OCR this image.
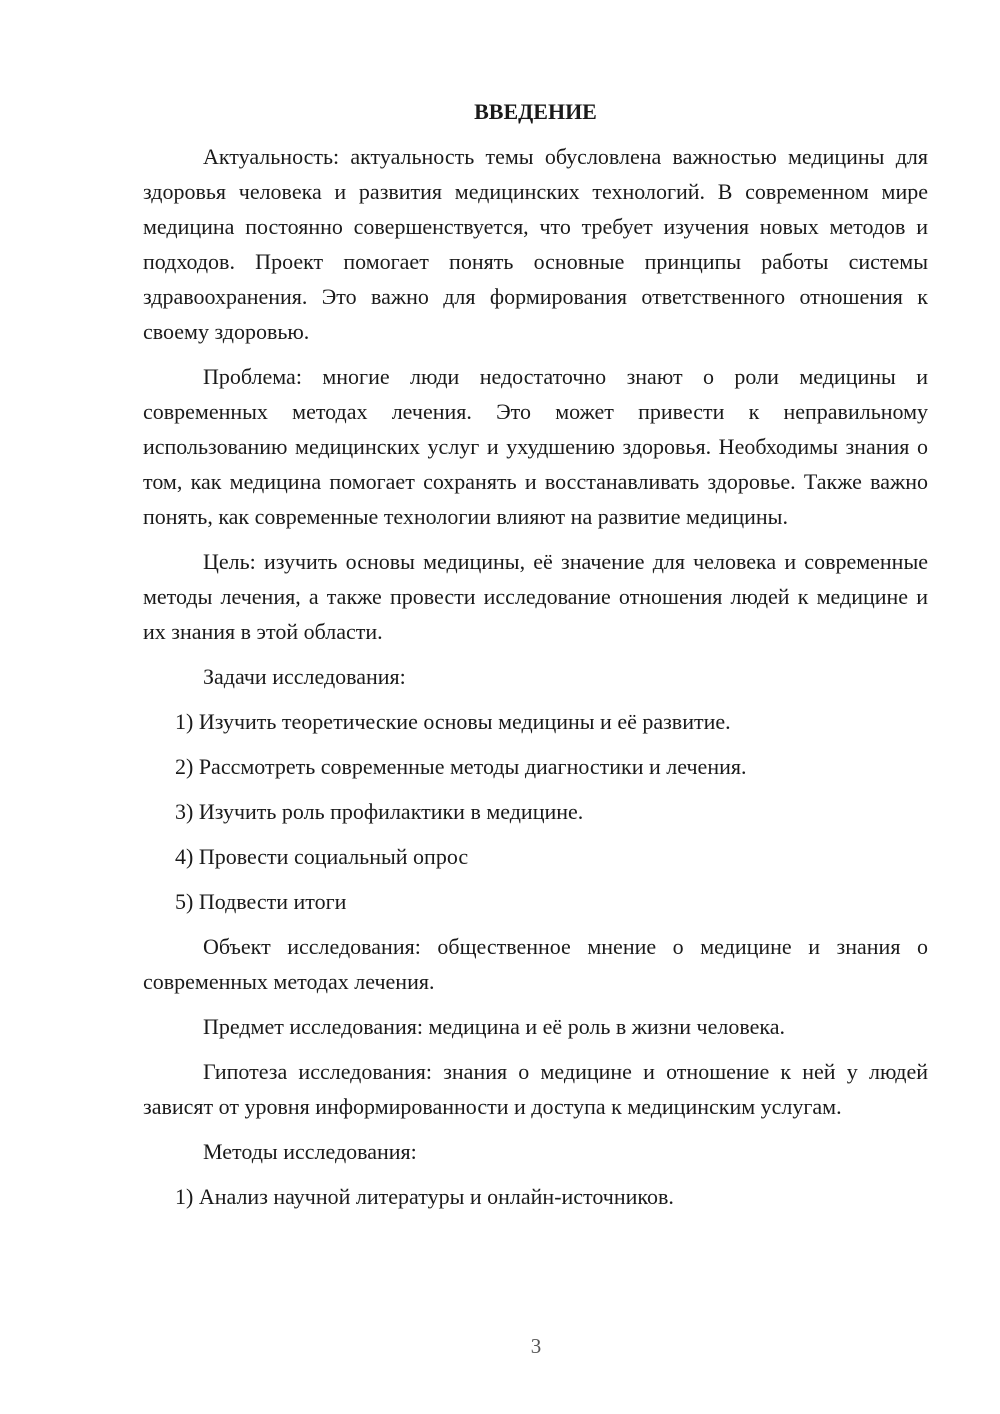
ВВЕДЕНИЕ

Актуальность: актуальность темы обусловлена важностью медицины для здоровья человека и развития медицинских технологий. В современном мире медицина постоянно совершенствуется, что требует изучения новых методов и подходов. Проект помогает понять основные принципы работы системы здравоохранения. Это важно для формирования ответственного отношения к своему здоровью.

Проблема: многие люди недостаточно знают о роли медицины и современных методах лечения. Это может привести к неправильному использованию медицинских услуг и ухудшению здоровья. Необходимы знания о том, как медицина помогает сохранять и восстанавливать здоровье. Также важно понять, как современные технологии влияют на развитие медицины.

Цель: изучить основы медицины, её значение для человека и современные методы лечения, а также провести исследование отношения людей к медицине и их знания в этой области.

Задачи исследования:

1) Изучить теоретические основы медицины и её развитие.

2) Рассмотреть современные методы диагностики и лечения.

3) Изучить роль профилактики в медицине.

4) Провести социальный опрос

5) Подвести итоги

Объект исследования: общественное мнение о медицине и знания о современных методах лечения.

Предмет исследования: медицина и её роль в жизни человека.

Гипотеза исследования: знания о медицине и отношение к ней у людей зависят от уровня информированности и доступа к медицинским услугам.

Методы исследования:

1) Анализ научной литературы и онлайн-источников.

3
